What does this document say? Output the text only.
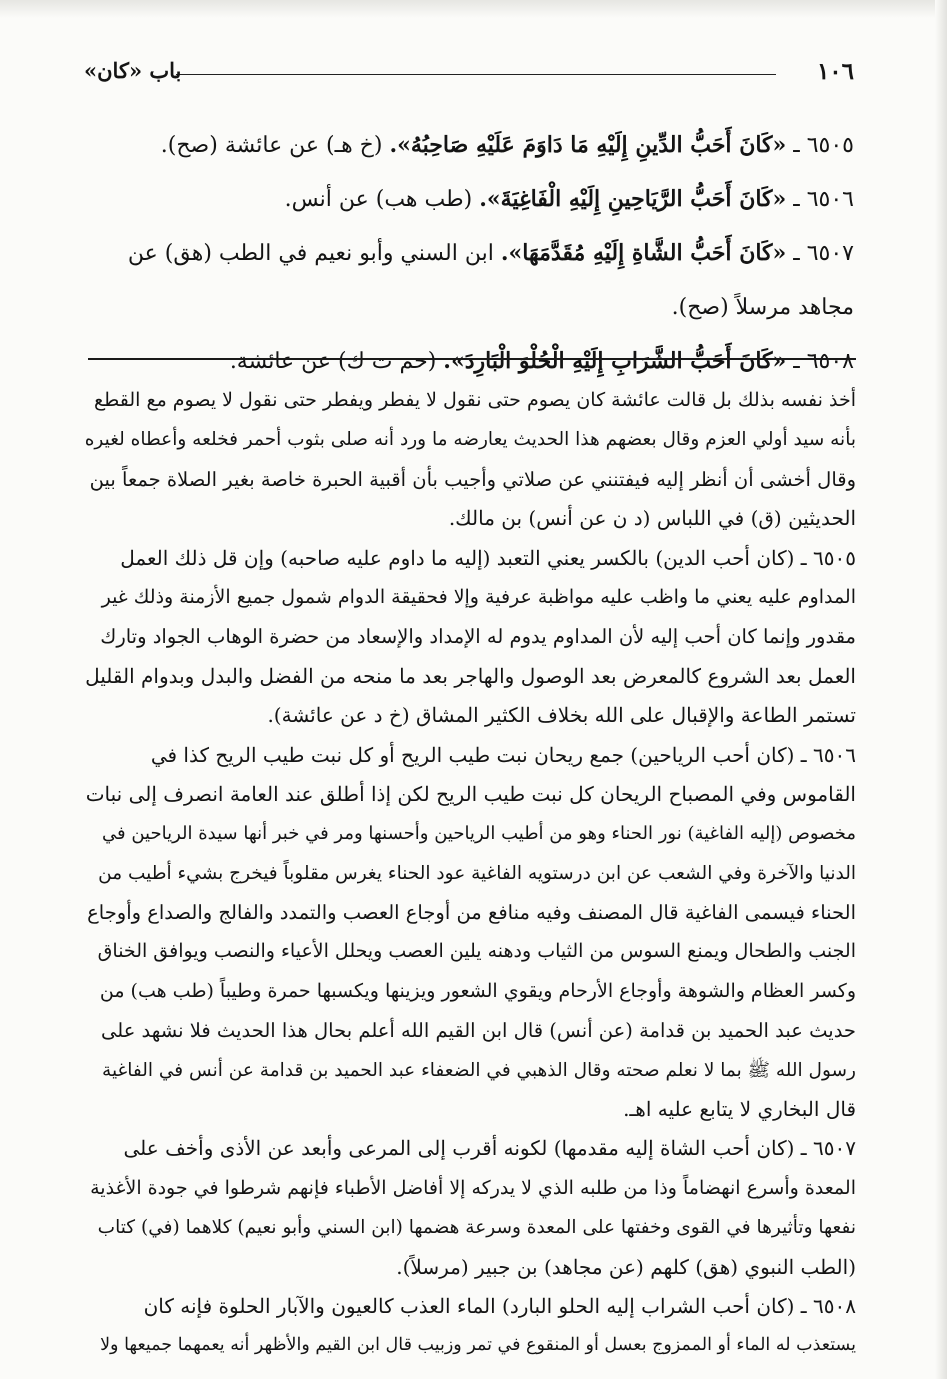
١٠٦
باب «كان»
٦٥٠٥ ـ «كَانَ أَحَبُّ الدِّينِ إِلَيْهِ مَا دَاوَمَ عَلَيْهِ صَاحِبُهُ». (خ هـ) عن عائشة (صح).
٦٥٠٦ ـ «كَانَ أَحَبُّ الرَّيَاحِينِ إِلَيْهِ الْفَاغِيَةَ». (طب هب) عن أنس.
٦٥٠٧ ـ «كَانَ أَحَبُّ الشَّاةِ إِلَيْهِ مُقَدَّمَهَا». ابن السني وأبو نعيم في الطب (هق) عن
مجاهد مرسلاً (صح).
٦٥٠٨ ـ «كَانَ أَحَبُّ الشَّرَابِ إِلَيْهِ الْحُلْوَ الْبَارِدَ». (حم ت ك) عن عائشة.
أخذ نفسه بذلك بل قالت عائشة كان يصوم حتى نقول لا يفطر ويفطر حتى نقول لا يصوم مع القطع
بأنه سيد أولي العزم وقال بعضهم هذا الحديث يعارضه ما ورد أنه صلى بثوب أحمر فخلعه وأعطاه لغيره
وقال أخشى أن أنظر إليه فيفتنني عن صلاتي وأجيب بأن أقبية الحبرة خاصة بغير الصلاة جمعاً بين
الحديثين (ق) في اللباس (د ن عن أنس) بن مالك.
٦٥٠٥ ـ (كان أحب الدين) بالكسر يعني التعبد (إليه ما داوم عليه صاحبه) وإن قل ذلك العمل
المداوم عليه يعني ما واظب عليه مواظبة عرفية وإلا فحقيقة الدوام شمول جميع الأزمنة وذلك غير
مقدور وإنما كان أحب إليه لأن المداوم يدوم له الإمداد والإسعاد من حضرة الوهاب الجواد وتارك
العمل بعد الشروع كالمعرض بعد الوصول والهاجر بعد ما منحه من الفضل والبدل وبدوام القليل
تستمر الطاعة والإقبال على الله بخلاف الكثير المشاق (خ د عن عائشة).
٦٥٠٦ ـ (كان أحب الرياحين) جمع ريحان نبت طيب الريح أو كل نبت طيب الريح كذا في
القاموس وفي المصباح الريحان كل نبت طيب الريح لكن إذا أطلق عند العامة انصرف إلى نبات
مخصوص (إليه الفاغية) نور الحناء وهو من أطيب الرياحين وأحسنها ومر في خبر أنها سيدة الرياحين في
الدنيا والآخرة وفي الشعب عن ابن درستويه الفاغية عود الحناء يغرس مقلوباً فيخرج بشيء أطيب من
الحناء فيسمى الفاغية قال المصنف وفيه منافع من أوجاع العصب والتمدد والفالج والصداع وأوجاع
الجنب والطحال ويمنع السوس من الثياب ودهنه يلين العصب ويحلل الأعياء والنصب ويوافق الخناق
وكسر العظام والشوهة وأوجاع الأرحام ويقوي الشعور ويزينها ويكسبها حمرة وطيباً (طب هب) من
حديث عبد الحميد بن قدامة (عن أنس) قال ابن القيم الله أعلم بحال هذا الحديث فلا نشهد على
رسول الله ﷺ بما لا نعلم صحته وقال الذهبي في الضعفاء عبد الحميد بن قدامة عن أنس في الفاغية
قال البخاري لا يتابع عليه اهـ.
٦٥٠٧ ـ (كان أحب الشاة إليه مقدمها) لكونه أقرب إلى المرعى وأبعد عن الأذى وأخف على
المعدة وأسرع انهضاماً وذا من طلبه الذي لا يدركه إلا أفاضل الأطباء فإنهم شرطوا في جودة الأغذية
نفعها وتأثيرها في القوى وخفتها على المعدة وسرعة هضمها (ابن السني وأبو نعيم) كلاهما (في) كتاب
(الطب النبوي (هق) كلهم (عن مجاهد) بن جبير (مرسلاً).
٦٥٠٨ ـ (كان أحب الشراب إليه الحلو البارد) الماء العذب كالعيون والآبار الحلوة فإنه كان
يستعذب له الماء أو الممزوج بعسل أو المنقوع في تمر وزبيب قال ابن القيم والأظهر أنه يعمهما جميعها ولا
